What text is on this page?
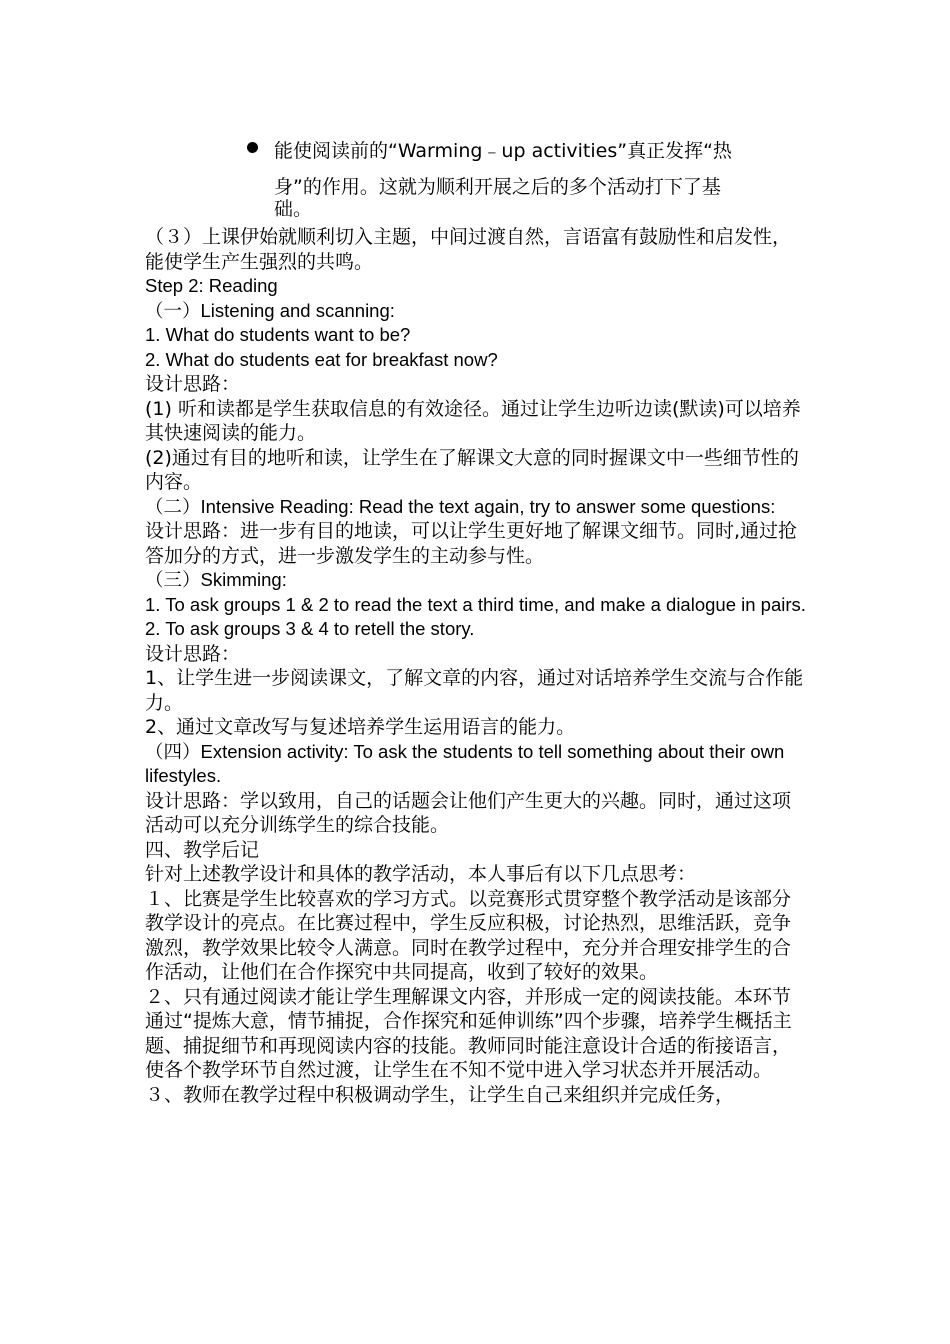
能使阅读前的“Warming﹣up activities”真正发挥“热
身”的作用。这就为顺利开展之后的多个活动打下了基
础。

（３）上课伊始就顺利切入主题，中间过渡自然，言语富有鼓励性和启发性，能使学生产生强烈的共鸣。

Step 2: Reading

（一）Listening and scanning:

1. What do students want to be?

2. What do students eat for breakfast now?

设计思路：

(1) 听和读都是学生获取信息的有效途径。通过让学生边听边读(默读)可以培养其快速阅读的能力。

(2)通过有目的地听和读，让学生在了解课文大意的同时握课文中一些细节性的内容。

（二）Intensive Reading: Read the text again, try to answer some questions:

设计思路：进一步有目的地读，可以让学生更好地了解课文细节。同时,通过抢答加分的方式，进一步激发学生的主动参与性。

（三）Skimming:

1. To ask groups 1 & 2 to read the text a third time, and make a dialogue in pairs.

2. To ask groups 3 & 4 to retell the story.

设计思路：

1、让学生进一步阅读课文，了解文章的内容，通过对话培养学生交流与合作能力。

2、通过文章改写与复述培养学生运用语言的能力。

（四）Extension activity: To ask the students to tell something about their own lifestyles.

设计思路：学以致用，自己的话题会让他们产生更大的兴趣。同时，通过这项活动可以充分训练学生的综合技能。

四、教学后记

针对上述教学设计和具体的教学活动，本人事后有以下几点思考：

１、比赛是学生比较喜欢的学习方式。以竞赛形式贯穿整个教学活动是该部分教学设计的亮点。在比赛过程中，学生反应积极，讨论热烈，思维活跃，竞争激烈，教学效果比较令人满意。同时在教学过程中，充分并合理安排学生的合作活动，让他们在合作探究中共同提高，收到了较好的效果。

２、只有通过阅读才能让学生理解课文内容，并形成一定的阅读技能。本环节通过“提炼大意，情节捕捉，合作探究和延伸训练”四个步骤，培养学生概括主题、捕捉细节和再现阅读内容的技能。教师同时能注意设计合适的衔接语言，使各个教学环节自然过渡，让学生在不知不觉中进入学习状态并开展活动。

３、教师在教学过程中积极调动学生，让学生自己来组织并完成任务，
